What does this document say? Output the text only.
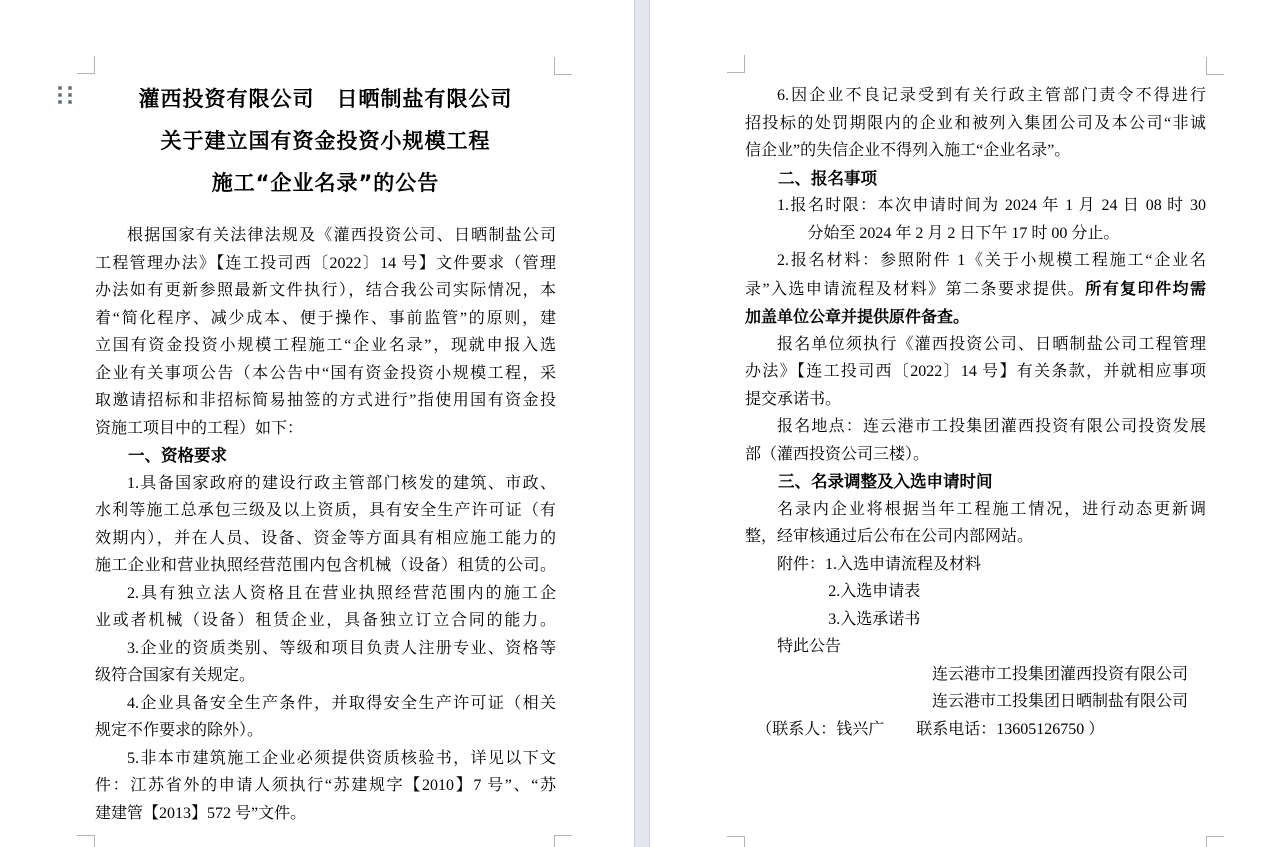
灌西投资有限公司　日晒制盐有限公司
关于建立国有资金投资小规模工程
施工“企业名录”的公告
根据国家有关法律法规及《灌西投资公司、日晒制盐公司
工程管理办法》【连工投司西〔2022〕14 号】文件要求（管理
办法如有更新参照最新文件执行），结合我公司实际情况，本
着“简化程序、减少成本、便于操作、事前监管”的原则，建
立国有资金投资小规模工程施工“企业名录”，现就申报入选
企业有关事项公告（本公告中“国有资金投资小规模工程，采
取邀请招标和非招标简易抽签的方式进行”指使用国有资金投
资施工项目中的工程）如下：
一、资格要求
1.具备国家政府的建设行政主管部门核发的建筑、市政、
水利等施工总承包三级及以上资质，具有安全生产许可证（有
效期内），并在人员、设备、资金等方面具有相应施工能力的
施工企业和营业执照经营范围内包含机械（设备）租赁的公司。
2.具有独立法人资格且在营业执照经营范围内的施工企
业或者机械（设备）租赁企业，具备独立订立合同的能力。
3.企业的资质类别、等级和项目负责人注册专业、资格等
级符合国家有关规定。
4.企业具备安全生产条件，并取得安全生产许可证（相关
规定不作要求的除外）。
5.非本市建筑施工企业必须提供资质核验书，详见以下文
件：江苏省外的申请人须执行“苏建规字【2010】7 号”、“苏
建建管【2013】572 号”文件。
6.因企业不良记录受到有关行政主管部门责令不得进行
招投标的处罚期限内的企业和被列入集团公司及本公司“非诚
信企业”的失信企业不得列入施工“企业名录”。
二、报名事项
1.报名时限：本次申请时间为 2024 年 1 月 24 日 08 时 30
分始至 2024 年 2 月 2 日下午 17 时 00 分止。
2.报名材料：参照附件 1《关于小规模工程施工“企业名
录”入选申请流程及材料》第二条要求提供。所有复印件均需
加盖单位公章并提供原件备查。
报名单位须执行《灌西投资公司、日晒制盐公司工程管理
办法》【连工投司西〔2022〕14 号】有关条款，并就相应事项
提交承诺书。
报名地点：连云港市工投集团灌西投资有限公司投资发展
部（灌西投资公司三楼）。
三、名录调整及入选申请时间
名录内企业将根据当年工程施工情况，进行动态更新调
整，经审核通过后公布在公司内部网站。
附件：1.入选申请流程及材料
2.入选申请表
3.入选承诺书
特此公告
连云港市工投集团灌西投资有限公司
连云港市工投集团日晒制盐有限公司
（联系人：钱兴广　　联系电话：13605126750 ）
